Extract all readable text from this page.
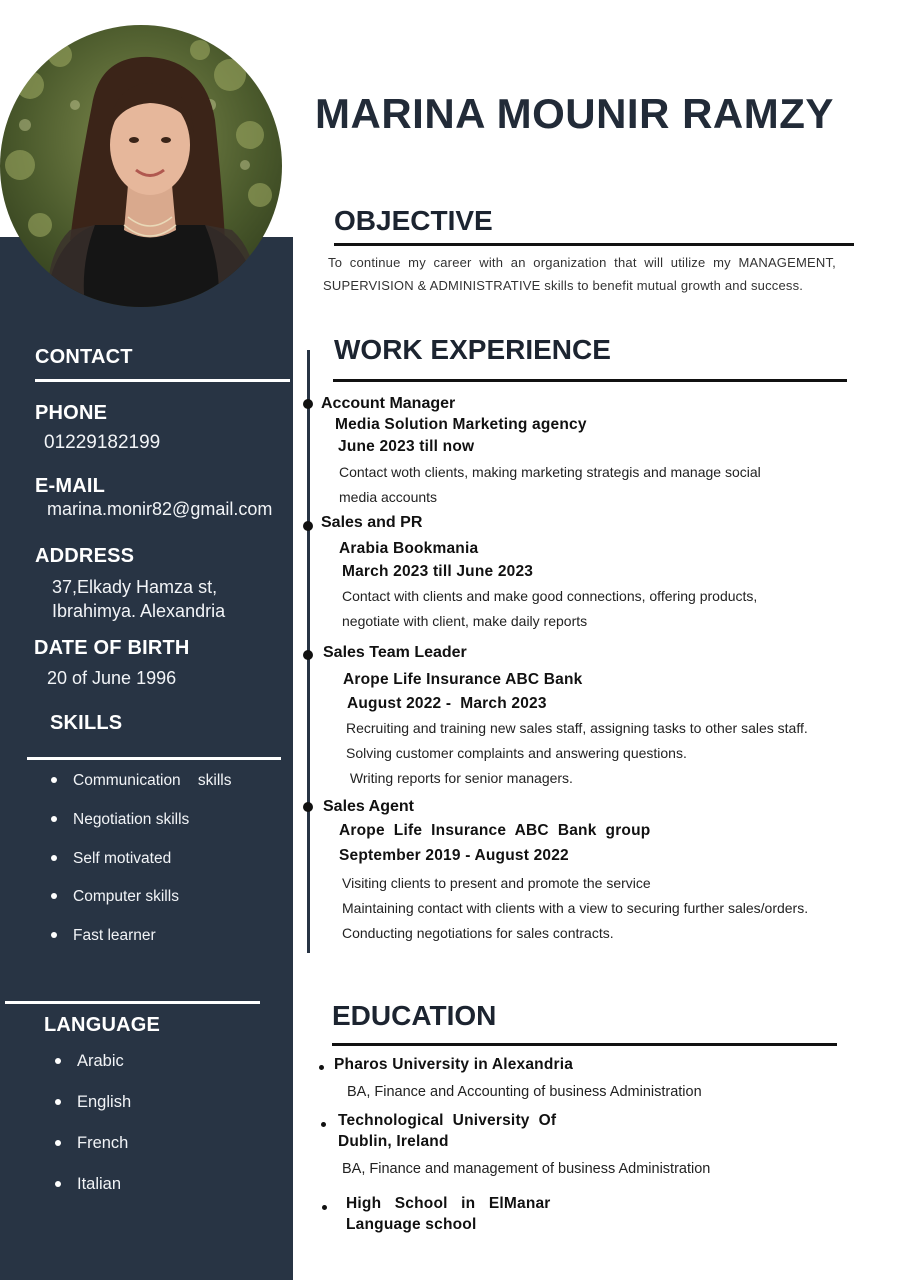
CONTACT
PHONE
01229182199
E-MAIL
marina.monir82@gmail.com
ADDRESS
37,Elkady Hamza st,
Ibrahimya. Alexandria
DATE OF BIRTH
20 of June 1996
SKILLS
Communication    skills
Negotiation skills
Self motivated
Computer skills
Fast learner
LANGUAGE
Arabic
English
French
Italian
MARINA MOUNIR RAMZY
OBJECTIVE
To continue my career with an organization that will utilize my MANAGEMENT, SUPERVISION & ADMINISTRATIVE skills to benefit mutual growth and success.
WORK EXPERIENCE
Account Manager
Media Solution Marketing agency
June 2023 till now
Contact woth clients, making marketing strategis and manage social
media accounts
Sales and PR
Arabia Bookmania
March 2023 till June 2023
Contact with clients and make good connections, offering products,
negotiate with client, make daily reports
Sales Team Leader
Arope Life Insurance ABC Bank
August 2022 -  March 2023
Recruiting and training new sales staff, assigning tasks to other sales staff.
Solving customer complaints and answering questions.
Writing reports for senior managers.
Sales Agent
Arope  Life  Insurance  ABC  Bank  group
September 2019 - August 2022
Visiting clients to present and promote the service
Maintaining contact with clients with a view to securing further sales/orders.
Conducting negotiations for sales contracts.
EDUCATION
Pharos University in Alexandria
BA, Finance and Accounting of business Administration
Technological  University  Of
Dublin, Ireland
BA, Finance and management of business Administration
High   School   in   ElManar
Language school
